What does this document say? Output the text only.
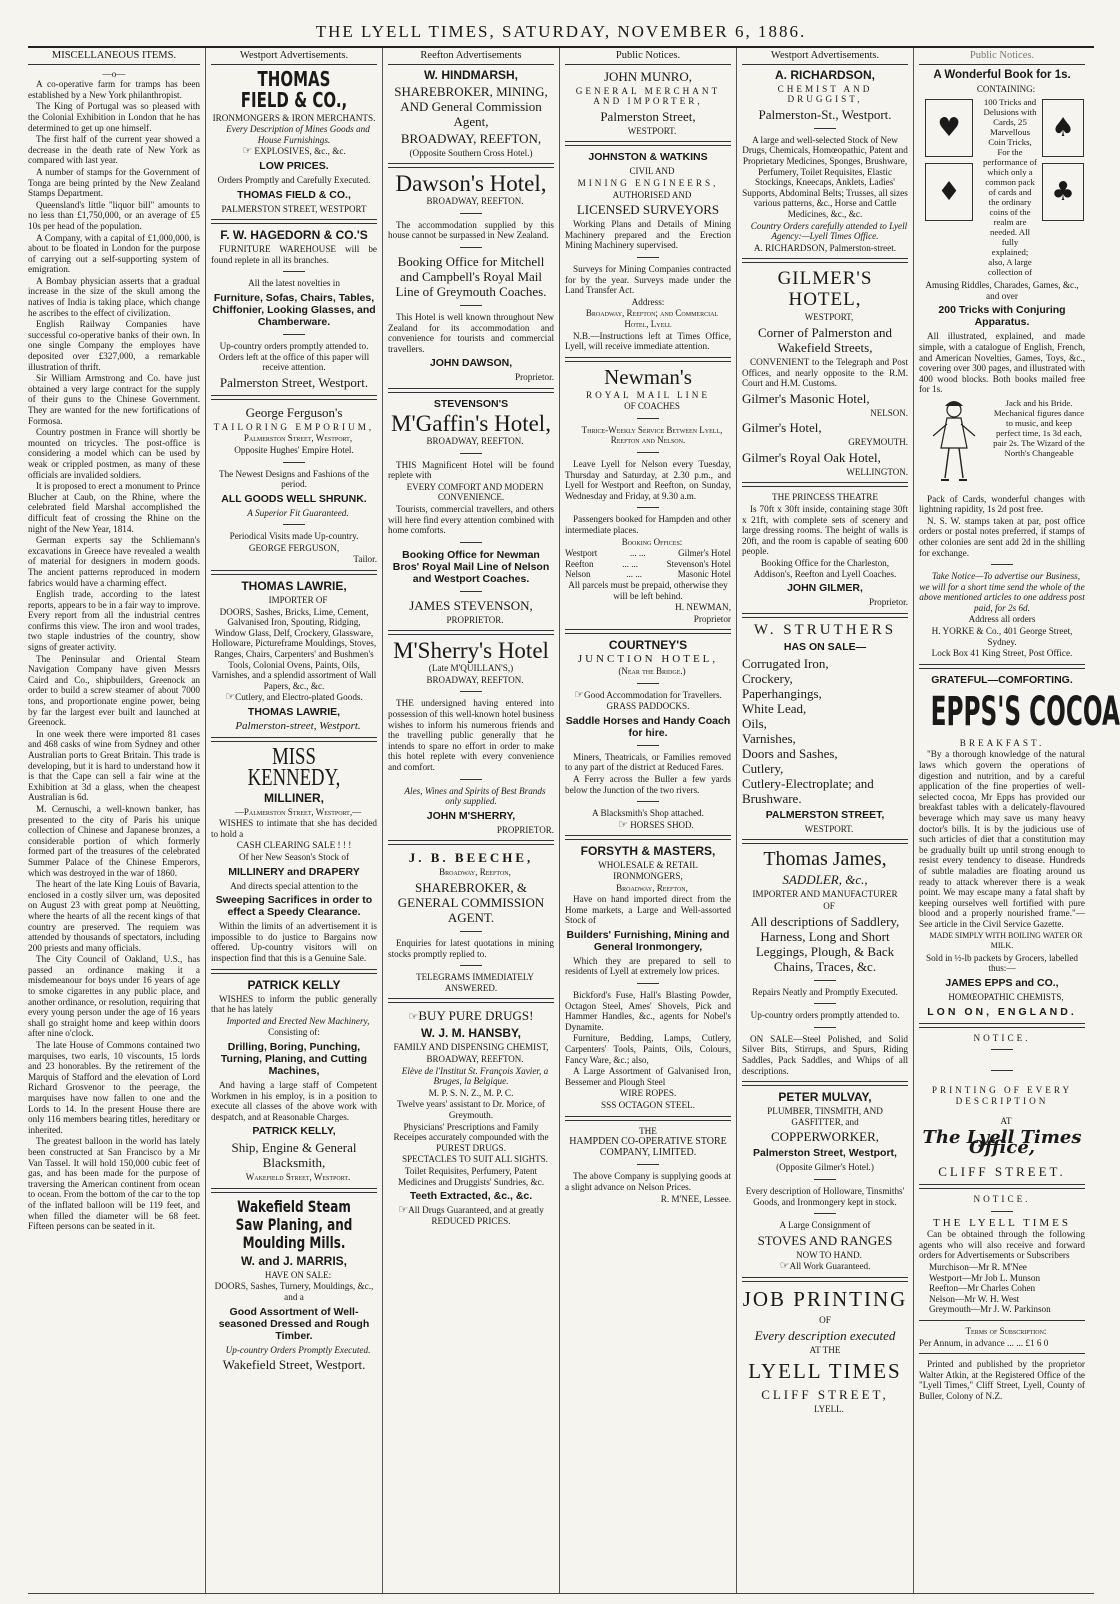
THE LYELL TIMES, SATURDAY, NOVEMBER 6, 1886.
MISCELLANEOUS ITEMS.
—o—

A co-operative farm for tramps has been established by a New York philanthropist.

The King of Portugal was so pleased with the Colonial Exhibition in London that he has determined to get up one himself.

The first half of the current year showed a decrease in the death rate of New York as compared with last year.

A number of stamps for the Government of Tonga are being printed by the New Zealand Stamps Department.

Queensland's little "liquor bill" amounts to no less than £1,750,000, or an average of £5 10s per head of the population.

A Company, with a capital of £1,000,000, is about to be floated in London for the purpose of carrying out a self-supporting system of emigration.

A Bombay physician asserts that a gradual increase in the size of the skull among the natives of India is taking place, which change he ascribes to the effect of civilization.

English Railway Companies have successful co-operative banks of their own. In one single Company the employes have deposited over £327,000, a remarkable illustration of thrift.

Sir William Armstrong and Co. have just obtained a very large contract for the supply of their guns to the Chinese Government. They are wanted for the new fortifications of Formosa.

Country postmen in France will shortly be mounted on tricycles. The post-office is considering a model which can be used by weak or crippled postmen, as many of these officials are invalided soldiers.

It is proposed to erect a monument to Prince Blucher at Caub, on the Rhine, where the celebrated field Marshal accomplished the difficult feat of crossing the Rhine on the night of the New Year, 1814.

German experts say the Schliemann's excavations in Greece have revealed a wealth of material for designers in modern goods. The ancient patterns reproduced in modern fabrics would have a charming effect.

English trade, according to the latest reports, appears to be in a fair way to improve. Every report from all the industrial centres confirms this view. The iron and wool trades, two staple industries of the country, show signs of greater activity.

The Peninsular and Oriental Steam Navigation Company have given Messrs Caird and Co., shipbuilders, Greenock an order to build a screw steamer of about 7000 tons, and proportionate engine power, being by far the largest ever built and launched at Greenock.

In one week there were imported 81 cases and 468 casks of wine from Sydney and other Australian ports to Great Britain. This trade is developing, but it is hard to understand how it is that the Cape can sell a fair wine at the Exhibition at 3d a glass, when the cheapest Australian is 6d.

M. Cernuschi, a well-known banker, has presented to the city of Paris his unique collection of Chinese and Japanese bronzes, a considerable portion of which formerly formed part of the treasures of the celebrated Summer Palace of the Chinese Emperors, which was destroyed in the war of 1860.

The heart of the late King Louis of Bavaria, enclosed in a costly silver urn, was deposited on August 23 with great pomp at Neuötting, where the hearts of all the recent kings of that country are preserved. The requiem was attended by thousands of spectators, including 200 priests and many officials.

The City Council of Oakland, U.S., has passed an ordinance making it a misdemeanour for boys under 16 years of age to smoke cigarettes in any public place, and another ordinance, or resolution, requiring that every young person under the age of 16 years shall go straight home and keep within doors after nine o'clock.

The late House of Commons contained two marquises, two earls, 10 viscounts, 15 lords and 23 honorables. By the retirement of the Marquis of Stafford and the elevation of Lord Richard Grosvenor to the peerage, the marquises have now fallen to one and the Lords to 14. In the present House there are only 116 members bearing titles, hereditary or inherited.

The greatest balloon in the world has lately been constructed at San Francisco by a Mr Van Tassel. It will hold 150,000 cubic feet of gas, and has been made for the purpose of traversing the American continent from ocean to ocean. From the bottom of the car to the top of the inflated balloon will be 119 feet, and when filled the diameter will be 68 feet. Fifteen persons can be seated in it.

Westport Advertisements.
THOMAS FIELD & CO.,

IRONMONGERS & IRON MERCHANTS.

Every Description of Mines Goods and House Furnishings.

☞ EXPLOSIVES, &c., &c.

LOW PRICES.

Orders Promptly and Carefully Executed.

THOMAS FIELD & CO.,

PALMERSTON STREET, WESTPORT

F. W. HAGEDORN & CO.'S

FURNITURE WAREHOUSE will be found replete in all its branches.

All the latest novelties in

Furniture, Sofas, Chairs, Tables, Chiffonier, Looking Glasses, and Chamberware.

Up-country orders promptly attended to. Orders left at the office of this paper will receive attention.

Palmerston Street, Westport.
George Ferguson's

TAILORING EMPORIUM,

Palmerston Street, Westport,

Opposite Hughes' Empire Hotel.

The Newest Designs and Fashions of the period.

ALL GOODS WELL SHRUNK.

A Superior Fit Guaranteed.

Periodical Visits made Up-country.

GEORGE FERGUSON,

Tailor.

THOMAS LAWRIE,

IMPORTER OF

DOORS, Sashes, Bricks, Lime, Cement, Galvanised Iron, Spouting, Ridging, Window Glass, Delf, Crockery, Glassware, Holloware, Pictureframe Mouldings, Stoves, Ranges, Chairs, Carpenters' and Bushmen's Tools, Colonial Ovens, Paints, Oils, Varnishes, and a splendid assortment of Wall Papers, &c., &c.

☞Cutlery, and Electro-plated Goods.

THOMAS LAWRIE,

Palmerston-street, Westport.

MISS KENNEDY,
MILLINER,

—Palmerston Street, Westport,—

WISHES to intimate that she has decided to hold a

CASH CLEARING SALE ! ! !

Of her New Season's Stock of

MILLINERY and DRAPERY

And directs special attention to the

Sweeping Sacrifices in order to effect a Speedy Clearance.

Within the limits of an advertisement it is impossible to do justice to Bargains now offered. Up-country visitors will on inspection find that this is a Genuine Sale.

PATRICK KELLY

WISHES to inform the public generally that he has lately

Imported and Erected New Machinery,

Consisting of:

Drilling, Boring, Punching, Turning, Planing, and Cutting Machines,

And having a large staff of Competent Workmen in his employ, is in a position to execute all classes of the above work with despatch, and at Reasonable Charges.

PATRICK KELLY,
Ship, Engine & General Blacksmith,

Wakefield Street, Westport.

Wakefield Steam Saw Planing, and Moulding Mills.
W. and J. MARRIS,

HAVE ON SALE:

DOORS, Sashes, Turnery, Mouldings, &c., and a

Good Assortment of Well-seasoned Dressed and Rough Timber.

Up-country Orders Promptly Executed.

Wakefield Street, Westport.
Reefton Advertisements
W. HINDMARSH,
SHAREBROKER, MINING, AND General Commission Agent,
BROADWAY, REEFTON,

(Opposite Southern Cross Hotel.)

Dawson's Hotel,

BROADWAY, REEFTON.

The accommodation supplied by this house cannot be surpassed in New Zealand.

Booking Office for Mitchell and Campbell's Royal Mail Line of Greymouth Coaches.

This Hotel is well known throughout New Zealand for its accommodation and convenience for tourists and commercial travellers.

JOHN DAWSON,

Proprietor.

STEVENSON'S
M'Gaffin's Hotel,

BROADWAY, REEFTON.

THIS Magnificent Hotel will be found replete with

EVERY COMFORT AND MODERN CONVENIENCE.

Tourists, commercial travellers, and others will here find every attention combined with home comforts.

Booking Office for Newman Bros' Royal Mail Line of Nelson and Westport Coaches.
JAMES STEVENSON,

PROPRIETOR.

M'Sherry's Hotel

(Late M'QUILLAN'S,)

BROADWAY, REEFTON.

THE undersigned having entered into possession of this well-known hotel business wishes to inform his numerous friends and the travelling public generally that he intends to spare no effort in order to make this hotel replete with every convenience and comfort.

Ales, Wines and Spirits of Best Brands only supplied.

JOHN M'SHERRY,

PROPRIETOR.

J. B. BEECHE,

Broadway, Reefton,

SHAREBROKER, & GENERAL COMMISSION AGENT.

Enquiries for latest quotations in mining stocks promptly replied to.

TELEGRAMS IMMEDIATELY ANSWERED.

☞BUY PURE DRUGS!
W. J. M. HANSBY,

FAMILY AND DISPENSING CHEMIST,

BROADWAY, REEFTON.

Elève de l'Institut St. François Xavier, a Bruges, la Belgique.

M. P. S. N. Z., M. P. C.

Twelve years' assistant to Dr. Morice, of Greymouth.

Physicians' Prescriptions and Family Receipes accurately compounded with the PUREST DRUGS.

SPECTACLES TO SUIT ALL SIGHTS.

Toilet Requisites, Perfumery, Patent Medicines and Druggists' Sundries, &c.

Teeth Extracted, &c., &c.

☞All Drugs Guaranteed, and at greatly REDUCED PRICES.

Public Notices.
JOHN MUNRO,

GENERAL MERCHANT AND IMPORTER,

Palmerston Street,

WESTPORT.

JOHNSTON & WATKINS

CIVIL AND

MINING ENGINEERS,

AUTHORISED AND

LICENSED SURVEYORS

Working Plans and Details of Mining Machinery prepared and the Erection Mining Machinery supervised.

Surveys for Mining Companies contracted for by the year. Surveys made under the Land Transfer Act.

Address:

Broadway, Reefton; and Commercial Hotel, Lyell

N.B.—Instructions left at Times Office, Lyell, will receive immediate attention.

Newman's

ROYAL MAIL LINE

OF COACHES

Thrice-Weekly Service Between Lyell, Reefton and Nelson.

Leave Lyell for Nelson every Tuesday, Thursday and Saturday, at 2.30 p.m., and Lyell for Westport and Reefton, on Sunday, Wednesday and Friday, at 9.30 a.m.

Passengers booked for Hampden and other intermediate places.

Booking Offices:

Westport	... ...	Gilmer's Hotel
Reefton	... ...	Stevenson's Hotel
Nelson	... ...	Masonic Hotel

All parcels must be prepaid, otherwise they will be left behind.

H. NEWMAN,

Proprietor

COURTNEY'S

JUNCTION HOTEL,

(Near the Bridge.)

☞Good Accommodation for Travellers.

GRASS PADDOCKS.

Saddle Horses and Handy Coach for hire.

Miners, Theatricals, or Families removed to any part of the district at Reduced Fares.

A Ferry across the Buller a few yards below the Junction of the two rivers.

A Blacksmith's Shop attached.

☞ HORSES SHOD.

FORSYTH & MASTERS,

WHOLESALE & RETAIL IRONMONGERS,

Broadway, Reefton,

Have on hand imported direct from the Home markets, a Large and Well-assorted Stock of

Builders' Furnishing, Mining and General Ironmongery,

Which they are prepared to sell to residents of Lyell at extremely low prices.

Bickford's Fuse, Hall's Blasting Powder, Octagon Steel, Ames' Shovels, Pick and Hammer Handles, &c., agents for Nobel's Dynamite.

Furniture, Bedding, Lamps, Cutlery, Carpenters' Tools, Paints, Oils, Colours, Fancy Ware, &c.; also,

A Large Assortment of Galvanised Iron, Bessemer and Plough Steel

WIRE ROPES.

SSS OCTAGON STEEL.

THE

HAMPDEN CO-OPERATIVE STORE COMPANY, LIMITED.

The above Company is supplying goods at a slight advance on Nelson Prices.

R. M'NEE, Lessee.

Westport Advertisements.
A. RICHARDSON,

CHEMIST AND DRUGGIST,

Palmerston-St., Westport.

A large and well-selected Stock of New Drugs, Chemicals, Homœopathic, Patent and Proprietary Medicines, Sponges, Brushware, Perfumery, Toilet Requisites, Elastic Stockings, Kneecaps, Anklets, Ladies' Supports, Abdominal Belts; Trusses, all sizes various patterns, &c., Horse and Cattle Medicines, &c., &c.

Country Orders carefully attended to Lyell Agency:—Lyell Times Office.

A. RICHARDSON, Palmerston-street.

GILMER'S HOTEL,

WESTPORT,

Corner of Palmerston and Wakefield Streets,

CONVENIENT to the Telegraph and Post Offices, and nearly opposite to the R.M. Court and H.M. Customs.

Gilmer's Masonic Hotel,

NELSON.

Gilmer's Hotel,

GREYMOUTH.

Gilmer's Royal Oak Hotel,

WELLINGTON.

THE PRINCESS THEATRE

Is 70ft x 30ft inside, containing stage 30ft x 21ft, with complete sets of scenery and large dressing rooms. The height of walls is 20ft, and the room is capable of seating 600 people.

Booking Office for the Charleston, Addison's, Reefton and Lyell Coaches.

JOHN GILMER,

Proprietor.

W. STRUTHERS
HAS ON SALE—
Corrugated Iron,
Crockery,
Paperhangings,
White Lead,
Oils,
Varnishes,
Doors and Sashes,
Cutlery,
Cutlery-Electroplate; and Brushware.
PALMERSTON STREET,

WESTPORT.

Thomas James,
SADDLER, &c.,

IMPORTER AND MANUFACTURER

OF

All descriptions of Saddlery, Harness, Long and Short Leggings, Plough, & Back Chains, Traces, &c.

Repairs Neatly and Promptly Executed.

Up-country orders promptly attended to.

ON SALE—Steel Polished, and Solid Silver Bits, Stirrups, and Spurs, Riding Saddles, Pack Saddles, and Whips of all descriptions.

PETER MULVAY,

PLUMBER, TINSMITH, AND GASFITTER, and

COPPERWORKER,
Palmerston Street, Westport,

(Opposite Gilmer's Hotel.)

Every description of Holloware, Tinsmiths' Goods, and Ironmongery kept in stock.

A Large Consignment of

STOVES AND RANGES

NOW TO HAND.

☞All Work Guaranteed.

JOB PRINTING

OF

Every description executed

AT THE

LYELL TIMES
CLIFF STREET,

LYELL.

Public Notices.
A Wonderful Book for 1s.

CONTAINING:

♥
♦
100 Tricks and Delusions with Cards, 25 Marvellous Coin Tricks, For the performance of which only a common pack of cards and the ordinary coins of the realm are needed. All fully explained; also, A large collection of
♠
♣

Amusing Riddles, Charades, Games, &c., and over

200 Tricks with Conjuring Apparatus.

All illustrated, explained, and made simple, with a catalogue of English, French, and American Novelties, Games, Toys, &c., covering over 300 pages, and illustrated with 400 wood blocks. Both books mailed free for 1s.

Jack and his Bride. Mechanical figures dance to music, and keep perfect time, 1s 3d each, pair 2s. The Wizard of the North's Changeable

Pack of Cards, wonderful changes with lightning rapidity, 1s 2d post free.

N. S. W. stamps taken at par, post office orders or postal notes preferred, if stamps of other colonies are sent add 2d in the shilling for exchange.

Take Notice—To advertise our Business, we will for a short time send the whole of the above mentioned articles to one address post paid, for 2s 6d.

Address all orders

H. YORKE & Co., 401 George Street, Sydney.

Lock Box 41 King Street, Post Office.

GRATEFUL—COMFORTING.
EPPS'S COCOA

BREAKFAST.

"By a thorough knowledge of the natural laws which govern the operations of digestion and nutrition, and by a careful application of the fine properties of well-selected cocoa, Mr Epps has provided our breakfast tables with a delicately-flavoured beverage which may save us many heavy doctor's bills. It is by the judicious use of such articles of diet that a constitution may be gradually built up until strong enough to resist every tendency to disease. Hundreds of subtle maladies are floating around us ready to attack wherever there is a weak point. We may escape many a fatal shaft by keeping ourselves well fortified with pure blood and a properly nourished frame."—See article in the Civil Service Gazette.

MADE SIMPLY WITH BOILING WATER OR MILK.

Sold in ½-lb packets by Grocers, labelled thus:—

JAMES EPPS and CO.,

HOMŒOPATHIC CHEMISTS,

LON ON, ENGLAND.

NOTICE.

PRINTING OF EVERY DESCRIPTION

AT

The Lyell Times Office,
CLIFF STREET.

NOTICE.

THE LYELL TIMES

Can be obtained through the following agents who will also receive and forward orders for Advertisements or Subscribers

Murchison—Mr R. M'Nee
Westport—Mr Job L. Munson
Reefton—Mr Charles Cohen
Nelson—Mr W. H. West
Greymouth—Mr J. W. Parkinson

Terms of Subscription:

Per Annum, in advance ... ... £1 6 0

Printed and published by the proprietor Walter Atkin, at the Registered Office of the "Lyell Times," Cliff Street, Lyell, County of Buller, Colony of N.Z.
